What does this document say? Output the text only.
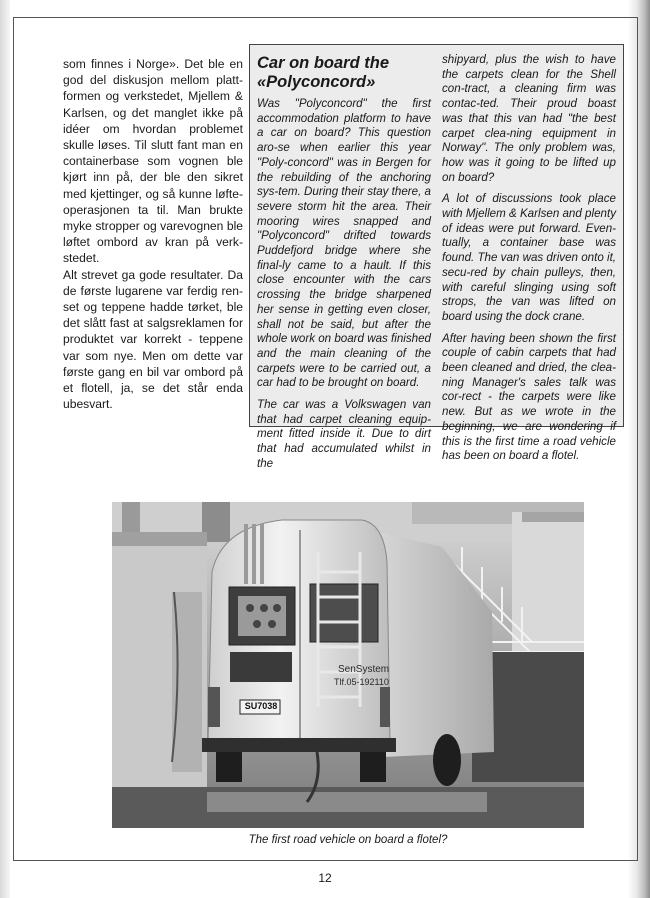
som finnes i Norge». Det ble en god del diskusjon mellom platt-formen og verkstedet, Mjellem & Karlsen, og det manglet ikke på idéer om hvordan problemet skulle løses. Til slutt fant man en containerbase som vognen ble kjørt inn på, der ble den sikret med kjettinger, og så kunne løfte-operasjonen ta til. Man brukte myke stropper og varevognen ble løftet ombord av kran på verk-stedet.

Alt strevet ga gode resultater. Da de første lugarene var ferdig ren-set og teppene hadde tørket, ble det slått fast at salgsreklamen for produktet var korrekt - teppene var som nye. Men om dette var første gang en bil var ombord på et flotell, ja, se det står enda ubesvart.

Car on board the
«Polyconcord»

Was "Polyconcord" the first accommodation platform to have a car on board? This question aro-se when earlier this year "Poly-concord" was in Bergen for the rebuilding of the anchoring sys-tem. During their stay there, a severe storm hit the area. Their mooring wires snapped and "Polyconcord" drifted towards Puddefjord bridge where she final-ly came to a hault. If this close encounter with the cars crossing the bridge sharpened her sense in getting even closer, shall not be said, but after the whole work on board was finished and the main cleaning of the carpets were to be carried out, a car had to be brought on board.

The car was a Volkswagen van that had carpet cleaning equip-ment fitted inside it. Due to dirt that had accumulated whilst in the

shipyard, plus the wish to have the carpets clean for the Shell con-tract, a cleaning firm was contac-ted. Their proud boast was that this van had "the best carpet clea-ning equipment in Norway". The only problem was, how was it going to be lifted up on board?

A lot of discussions took place with Mjellem & Karlsen and plenty of ideas were put forward. Even-tually, a container base was found. The van was driven onto it, secu-red by chain pulleys, then, with careful slinging using soft strops, the van was lifted on board using the dock crane.

After having been shown the first couple of cabin carpets that had been cleaned and dried, the clea-ning Manager's sales talk was cor-rect - the carpets were like new. But as we wrote in the beginning, we are wondering if this is the first time a road vehicle has been on board a flotel.

SenSystem
Tlf.05-192110
SU7038
The first road vehicle on board a flotel?
12
